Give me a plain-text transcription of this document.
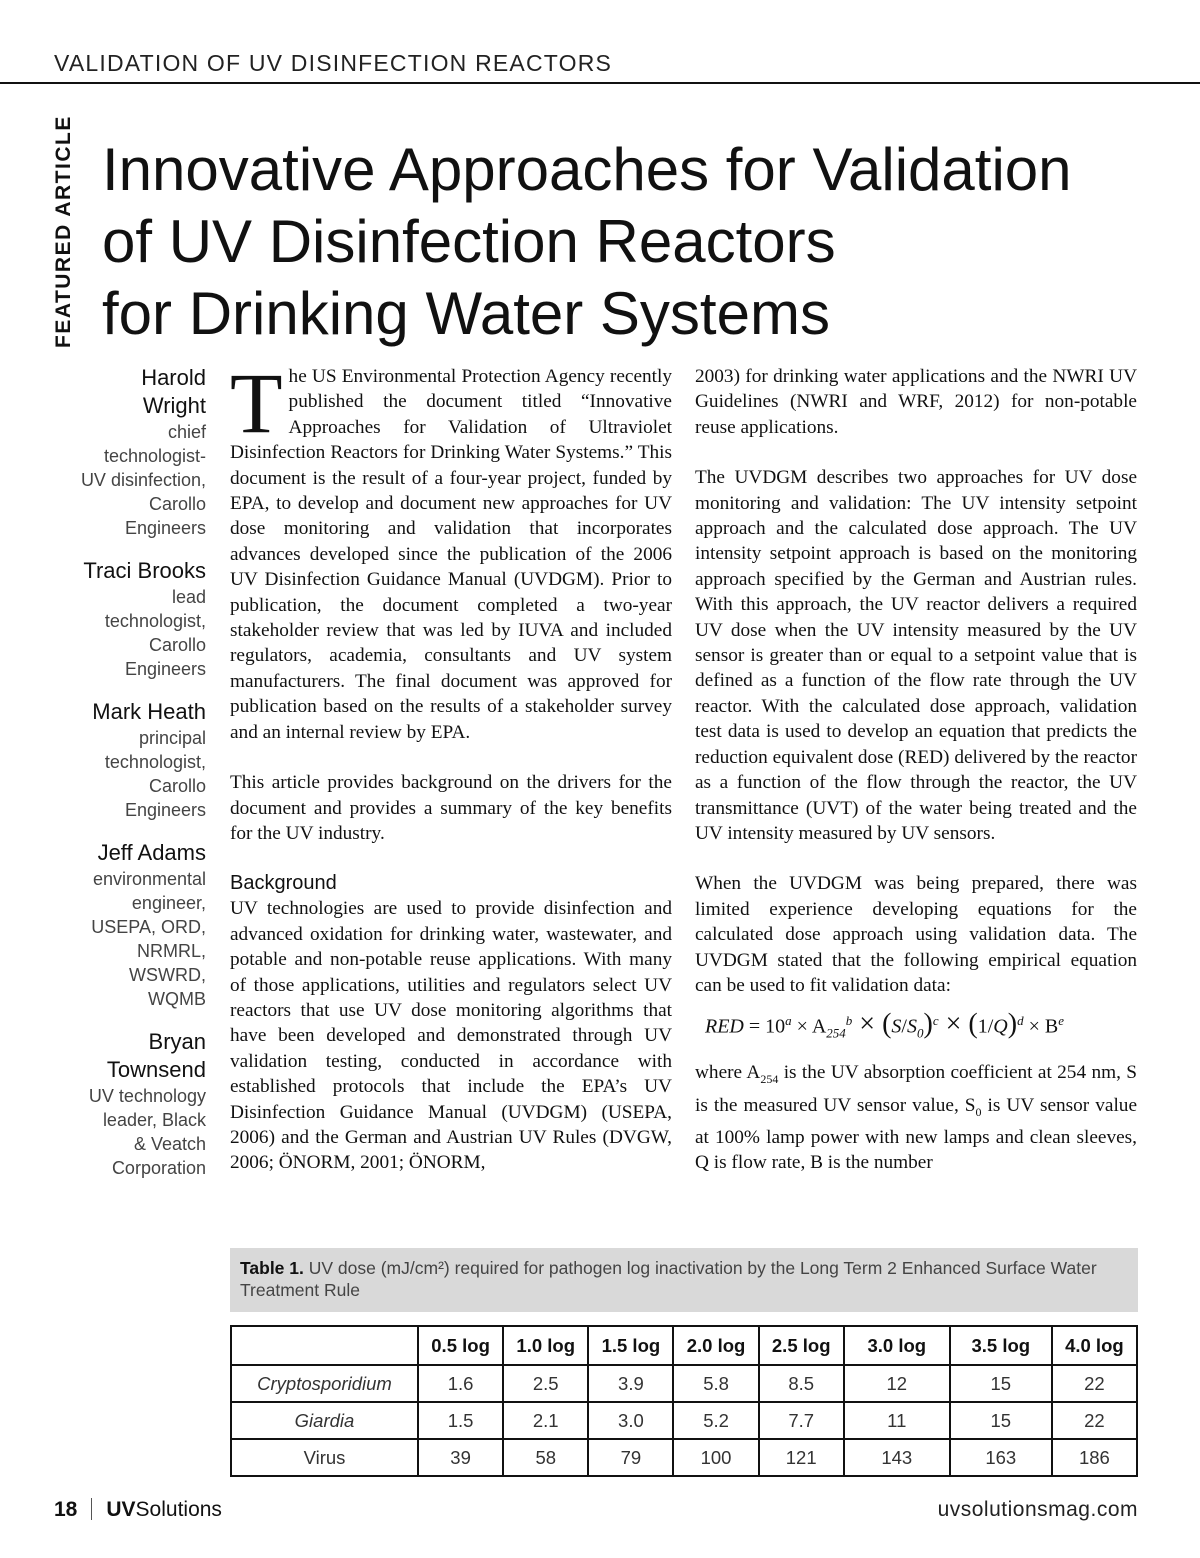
VALIDATION OF UV DISINFECTION REACTORS
FEATURED ARTICLE Innovative Approaches for Validation
of UV Disinfection Reactors
for Drinking Water Systems
Harold
Wright
chief
technologist-
UV disinfection,
Carollo
Engineers
Traci Brooks
lead
technologist,
Carollo
Engineers
Mark Heath
principal
technologist,
Carollo
Engineers
Jeff Adams
environmental
engineer,
USEPA, ORD,
NRMRL,
WSWRD,
WQMB
Bryan
Townsend
UV technology
leader, Black
& Veatch
Corporation

The US Environmental Protection Agency recently published the document titled “Innovative Approaches for Validation of Ultraviolet Disinfection Reactors for Drinking Water Systems.” This document is the result of a four-year project, funded by EPA, to develop and document new approaches for UV dose monitoring and validation that incorporates advances developed since the publication of the 2006 UV Disinfection Guidance Manual (UVDGM). Prior to publication, the document completed a two-year stakeholder review that was led by IUVA and included regulators, academia, consultants and UV system manufacturers. The final document was approved for publication based on the results of a stakeholder survey and an internal review by EPA.

This article provides background on the drivers for the document and provides a summary of the key benefits for the UV industry.

Background

UV technologies are used to provide disinfection and advanced oxidation for drinking water, wastewater, and potable and non-potable reuse applications. With many of those applications, utilities and regulators select UV reactors that use UV dose monitoring algorithms that have been developed and demonstrated through UV validation testing, conducted in accordance with established protocols that include the EPA’s UV Disinfection Guidance Manual (UVDGM) (USEPA, 2006) and the German and Austrian UV Rules (DVGW, 2006; ÖNORM, 2001; ÖNORM,

2003) for drinking water applications and the NWRI UV Guidelines (NWRI and WRF, 2012) for non-potable reuse applications.

The UVDGM describes two approaches for UV dose monitoring and validation: The UV intensity setpoint approach and the calculated dose approach. The UV intensity setpoint approach is based on the monitoring approach specified by the German and Austrian rules. With this approach, the UV reactor delivers a required UV dose when the UV intensity measured by the UV sensor is greater than or equal to a setpoint value that is defined as a function of the flow rate through the UV reactor. With the calculated dose approach, validation test data is used to develop an equation that predicts the reduction equivalent dose (RED) delivered by the reactor as a function of the flow through the reactor, the UV transmittance (UVT) of the water being treated and the UV intensity measured by UV sensors.

When the UVDGM was being prepared, there was limited experience developing equations for the calculated dose approach using validation data. The UVDGM stated that the following empirical equation can be used to fit validation data:

RED = $10^a \times A_{254}^b \times (S/S_0)^c \times (1/Q)^d \times B^e$

where $A_{254}$ is the UV absorption coefficient at 254 nm, S is the measured UV sensor value, $S_0$ is UV sensor value at 100% lamp power with new lamps and clean sleeves, Q is flow rate, B is the number

Table 1. UV dose (mJ/cm²) required for pathogen log inactivation by the Long Term 2 Enhanced Surface Water Treatment Rule
	0.5 log	1.0 log	1.5 log	2.0 log	2.5 log	3.0 log	3.5 log	4.0 log
Cryptosporidium	1.6	2.5	3.9	5.8	8.5	12	15	22
Giardia	1.5	2.1	3.0	5.2	7.7	11	15	22
Virus	39	58	79	100	121	143	163	186
18 UVSolutions	uvsolutionsmag.com
